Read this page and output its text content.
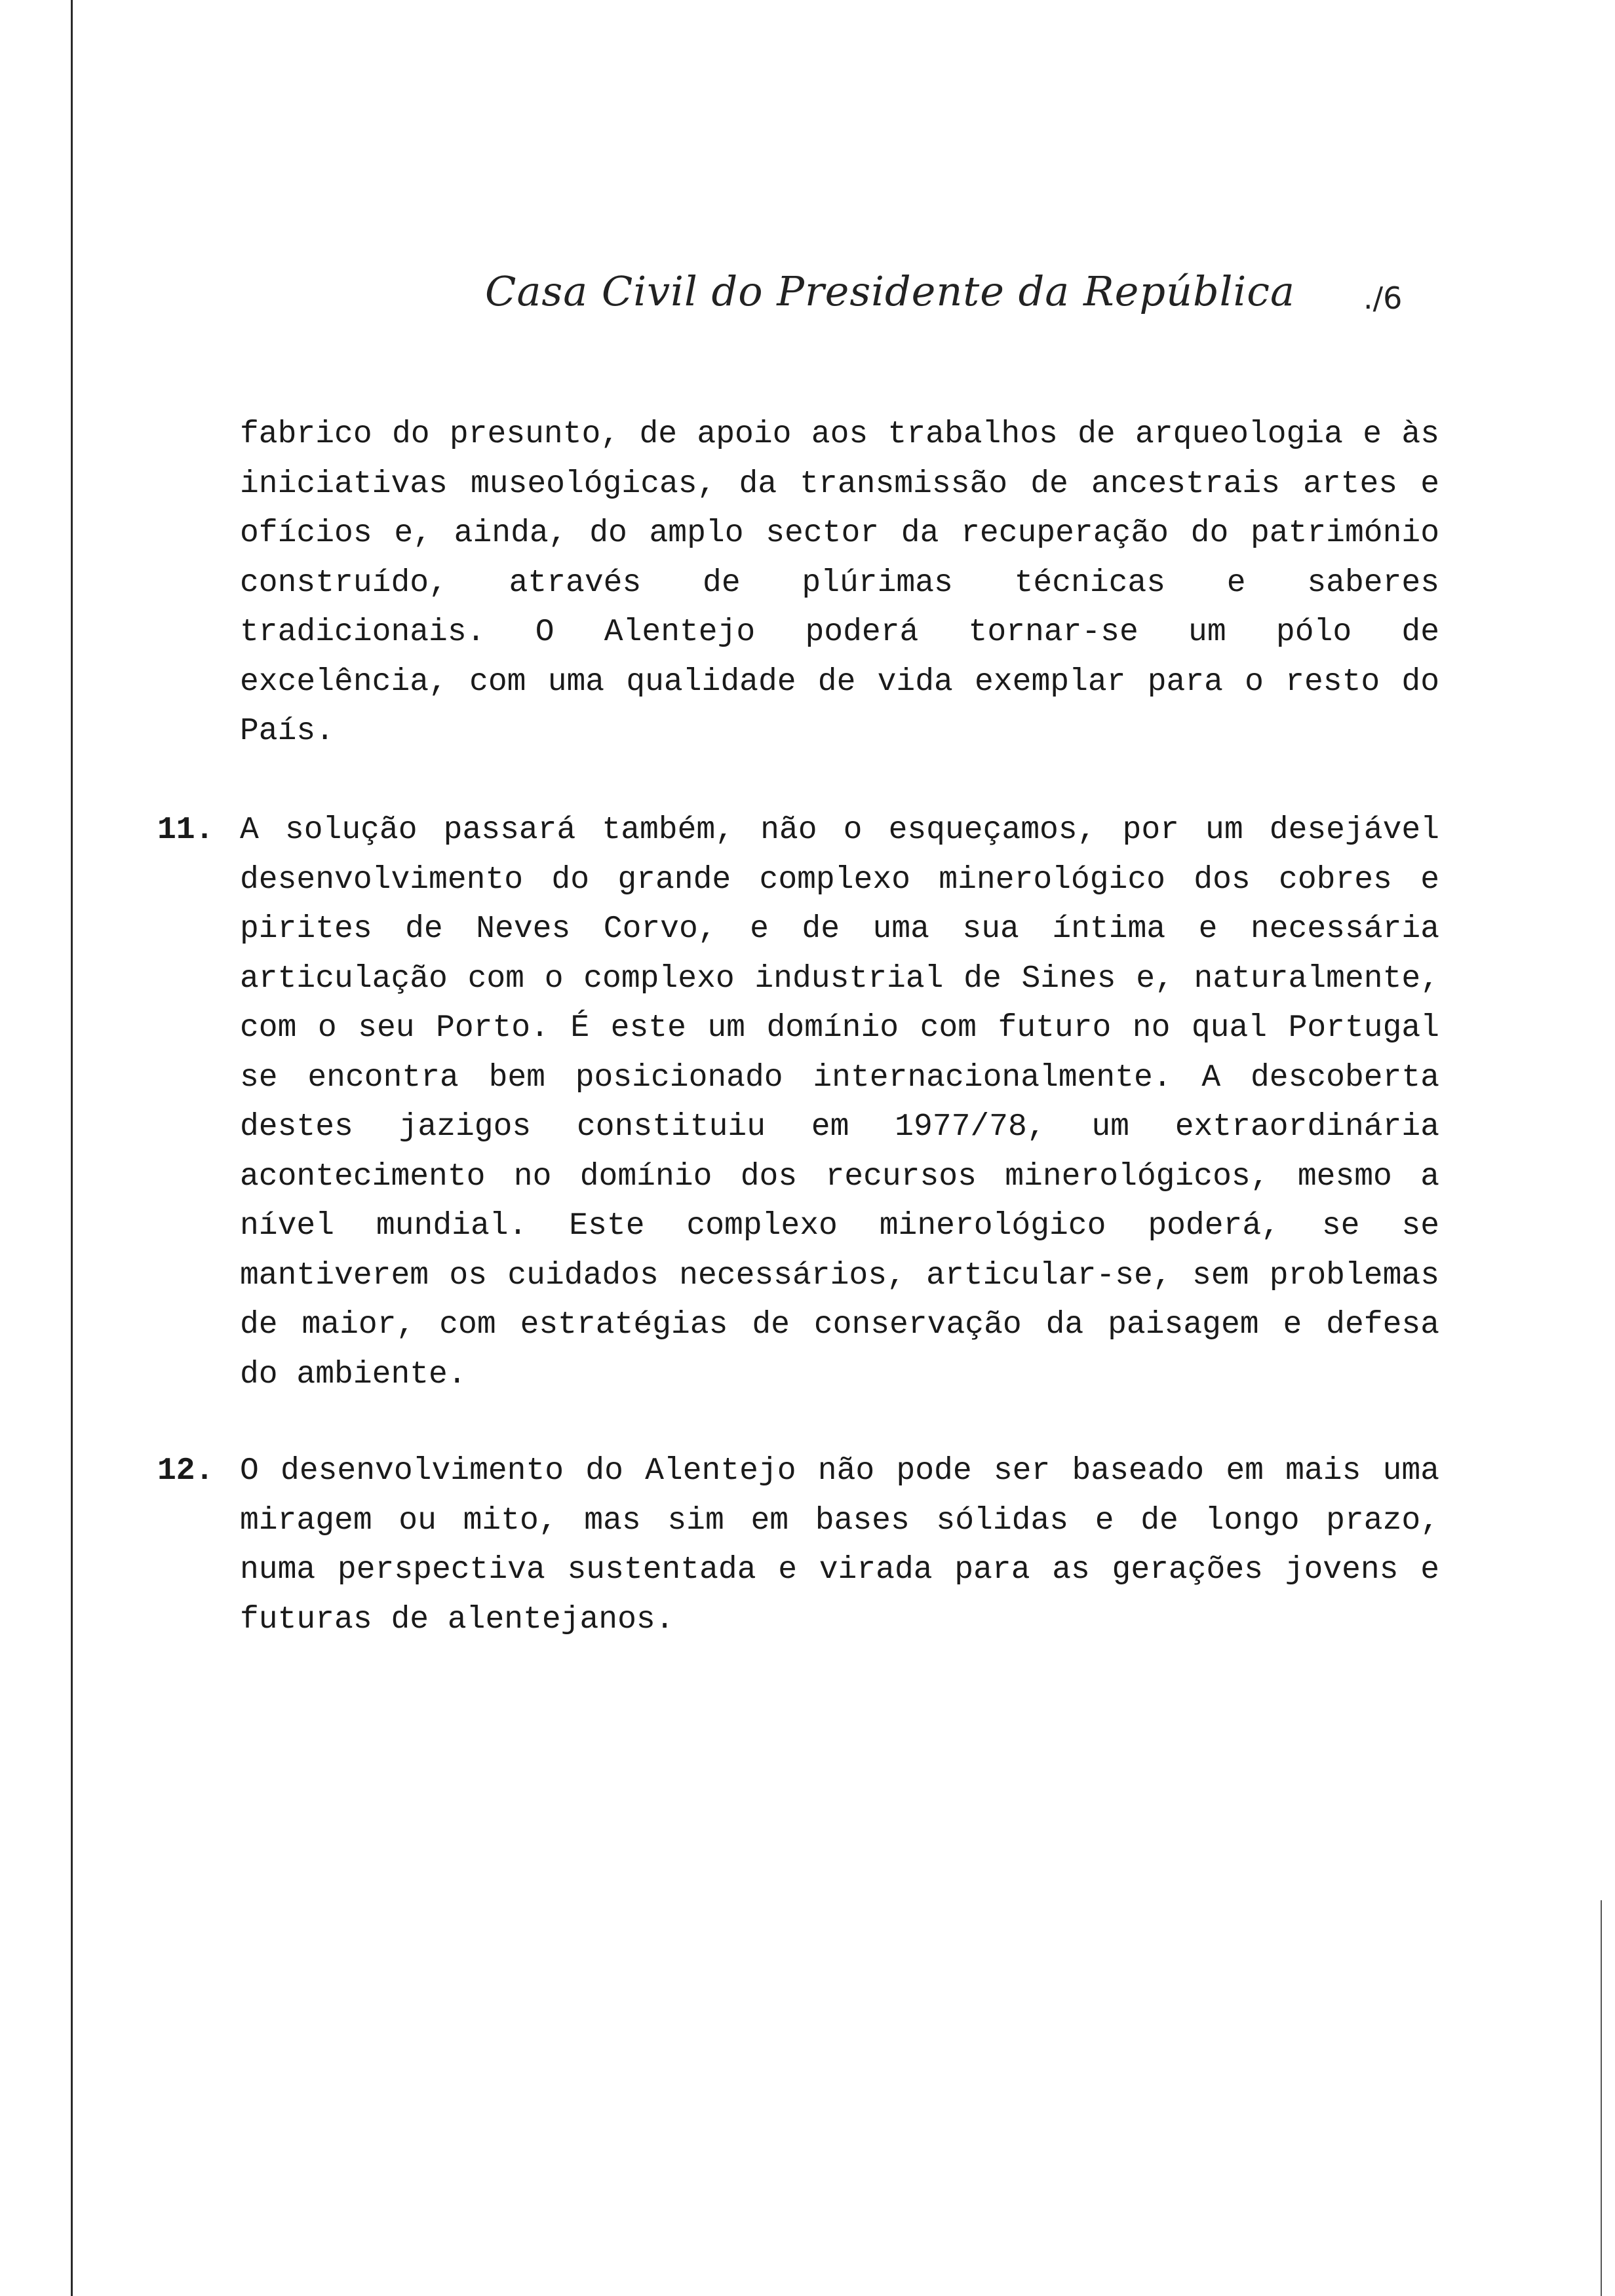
Casa Civil do Presidente da República ./6

fabrico do presunto, de apoio aos trabalhos de arqueologia e às iniciativas museológicas, da transmissão de ancestrais artes e ofícios e, ainda, do amplo sector da recuperação do património construído, através de plúrimas técnicas e saberes tradicionais. O Alentejo poderá tornar-se um pólo de excelência, com uma qualidade de vida exemplar para o resto do País.

11. A solução passará também, não o esqueçamos, por um desejável desenvolvimento do grande complexo minerológico dos cobres e pirites de Neves Corvo, e de uma sua íntima e necessária articulação com o complexo industrial de Sines e, naturalmente, com o seu Porto. É este um domínio com futuro no qual Portugal se encontra bem posicionado internacionalmente. A descoberta destes jazigos constituiu em 1977/78, um extraordinária acontecimento no domínio dos recursos minerológicos, mesmo a nível mundial. Este complexo minerológico poderá, se se mantiverem os cuidados necessários, articular-se, sem problemas de maior, com estratégias de conservação da paisagem e defesa do ambiente.

12. O desenvolvimento do Alentejo não pode ser baseado em mais uma miragem ou mito, mas sim em bases sólidas e de longo prazo, numa perspectiva sustentada e virada para as gerações jovens e futuras de alentejanos.
